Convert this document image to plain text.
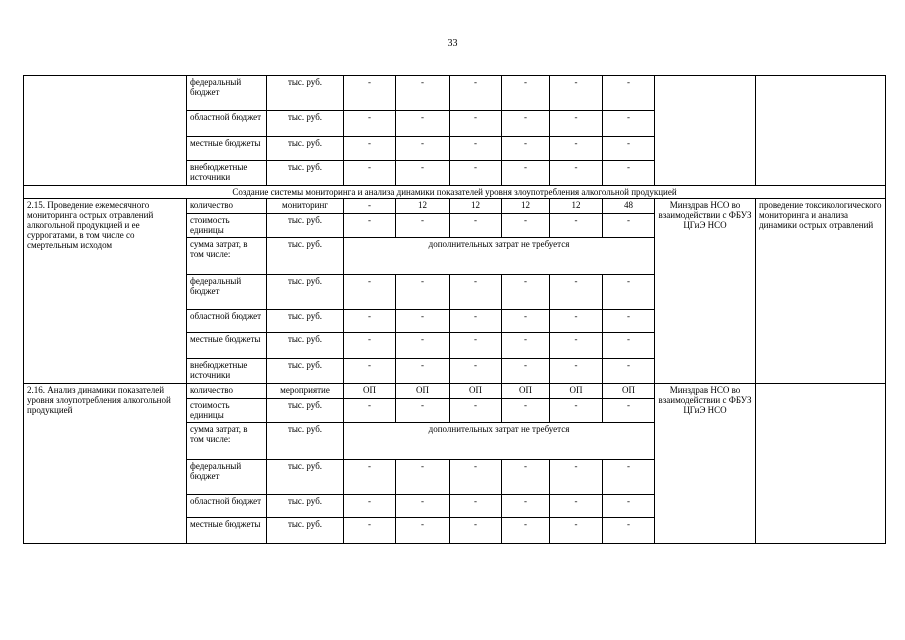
33
	федеральный бюджет	тыс. руб.	-	-	-	-	-	-		
	областной бюджет	тыс. руб.	-	-	-	-	-	-		
	местные бюджеты	тыс. руб.	-	-	-	-	-	-		
	внебюджетные источники	тыс. руб.	-	-	-	-	-	-		
Создание системы мониторинга и анализа динамики показателей уровня злоупотребления алкогольной продукцией										
2.15. Проведение ежемесячного мониторинга острых отравлений алкогольной продукцией и ее суррогатами, в том числе со смертельным исходом	количество	мониторинг	-	12	12	12	12	48	Минздрав НСО во взаимодействии с ФБУЗ ЦГиЭ НСО	проведение токсикологического мониторинга и анализа динамики острых отравлений
	стоимость единицы	тыс. руб.	-	-	-	-	-	-		
	сумма затрат, в том числе:	тыс. руб.	дополнительных затрат не требуется							
	федеральный бюджет	тыс. руб.	-	-	-	-	-	-		
	областной бюджет	тыс. руб.	-	-	-	-	-	-		
	местные бюджеты	тыс. руб.	-	-	-	-	-	-		
	внебюджетные источники	тыс. руб.	-	-	-	-	-	-		
2.16. Анализ динамики показателей уровня злоупотребления алкогольной продукцией	количество	мероприятие	ОП	ОП	ОП	ОП	ОП	ОП	Минздрав НСО во взаимодействии с ФБУЗ ЦГиЭ НСО	
	стоимость единицы	тыс. руб.	-	-	-	-	-	-		
	сумма затрат, в том числе:	тыс. руб.	дополнительных затрат не требуется							
	федеральный бюджет	тыс. руб.	-	-	-	-	-	-		
	областной бюджет	тыс. руб.	-	-	-	-	-	-		
	местные бюджеты	тыс. руб.	-	-	-	-	-	-		
